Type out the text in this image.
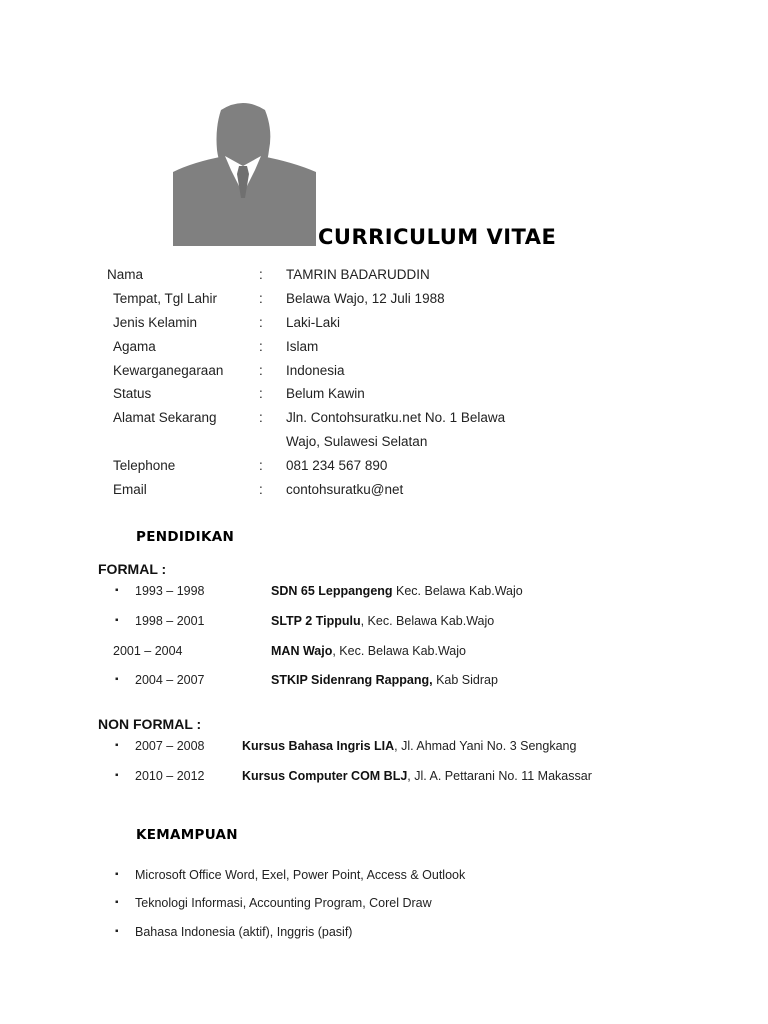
CURRICULUM VITAE
PENDIDIKAN
FORMAL :
NON FORMAL :
KEMAMPUAN
Nama	: TAMRIN BADARUDDIN
Tempat, Tgl Lahir	: Belawa Wajo, 12 Juli 1988
Jenis Kelamin	: Laki-Laki
Agama	: Islam
Kewarganegaraan	: Indonesia
Status	: Belum Kawin
Alamat Sekarang	: Jln. Contohsuratku.net No. 1 Belawa
Wajo, Sulawesi Selatan
Telephone	: 081 234 567 890
Email	: contohsuratku@net
▪ 1993 – 1998	SDN 65 Leppangeng Kec. Belawa Kab.Wajo
▪ 1998 – 2001	SLTP 2 Tippulu, Kec. Belawa Kab.Wajo
2001 – 2004	MAN Wajo, Kec. Belawa Kab.Wajo
▪ 2004 – 2007	STKIP Sidenrang Rappang, Kab Sidrap
▪ 2007 – 2008	Kursus Bahasa Ingris LIA, Jl. Ahmad Yani No. 3 Sengkang
▪ 2010 – 2012	Kursus Computer COM BLJ, Jl. A. Pettarani No. 11 Makassar
▪ Microsoft Office Word, Exel, Power Point, Access & Outlook
▪ Teknologi Informasi, Accounting Program, Corel Draw
▪ Bahasa Indonesia (aktif), Inggris (pasif)
